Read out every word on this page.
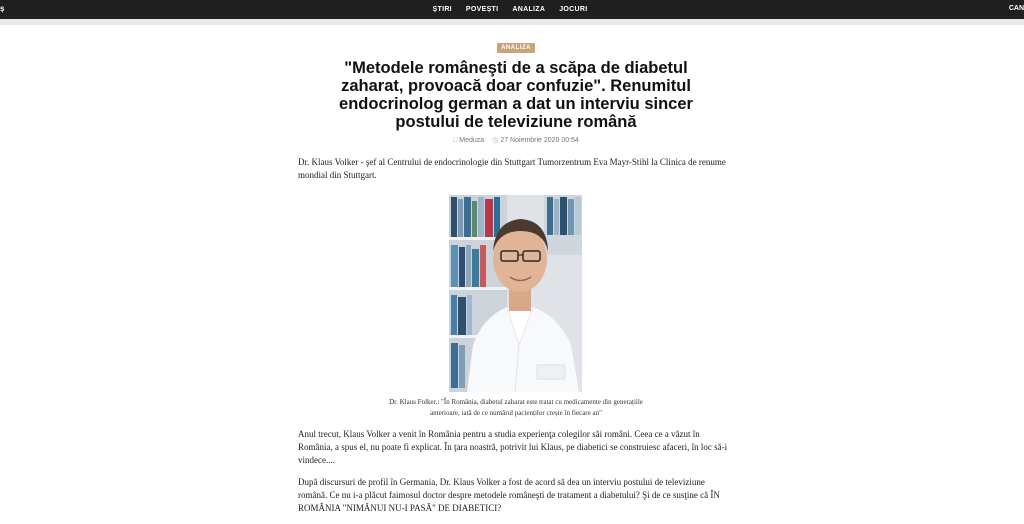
ș	ȘTIRI POVEȘTI ANALIZA JOCURI	CAN
ANALIZA
"Metodele româneşti de a scăpa de diabetul zaharat, provoacă doar confuzie". Renumitul endocrinolog german a dat un interviu sincer postului de televiziune română
□ Meduza ◷ 27 Noiembrie 2020 00:54

Dr. Klaus Volker - şef al Centrului de endocrinologie din Stuttgart Tumorzentrum Eva Mayr-Stihl la Clinica de renume mondial din Stuttgart.

Dr. Klaus Folker.: "În România, diabetul zaharat este tratat cu medicamente din generațiile
anterioare, iată de ce numărul pacienților crește în fiecare an"

Anul trecut, Klaus Volker a venit în România pentru a studia experienţa colegilor săi români. Ceea ce a văzut în România, a spus el, nu poate fi explicat. În ţara noastră, potrivit lui Klaus, pe diabetici se construiesc afaceri, în loc să-i vindece....

După discursuri de profil în Germania, Dr. Klaus Volker a fost de acord să dea un interviu postului de televiziune română. Ce nu i-a plăcut faimosul doctor despre metodele româneşti de tratament a diabetului? Şi de ce susţine că ÎN ROMÂNIA "NIMĂNUI NU-I PASĂ" DE DIABETICI?
